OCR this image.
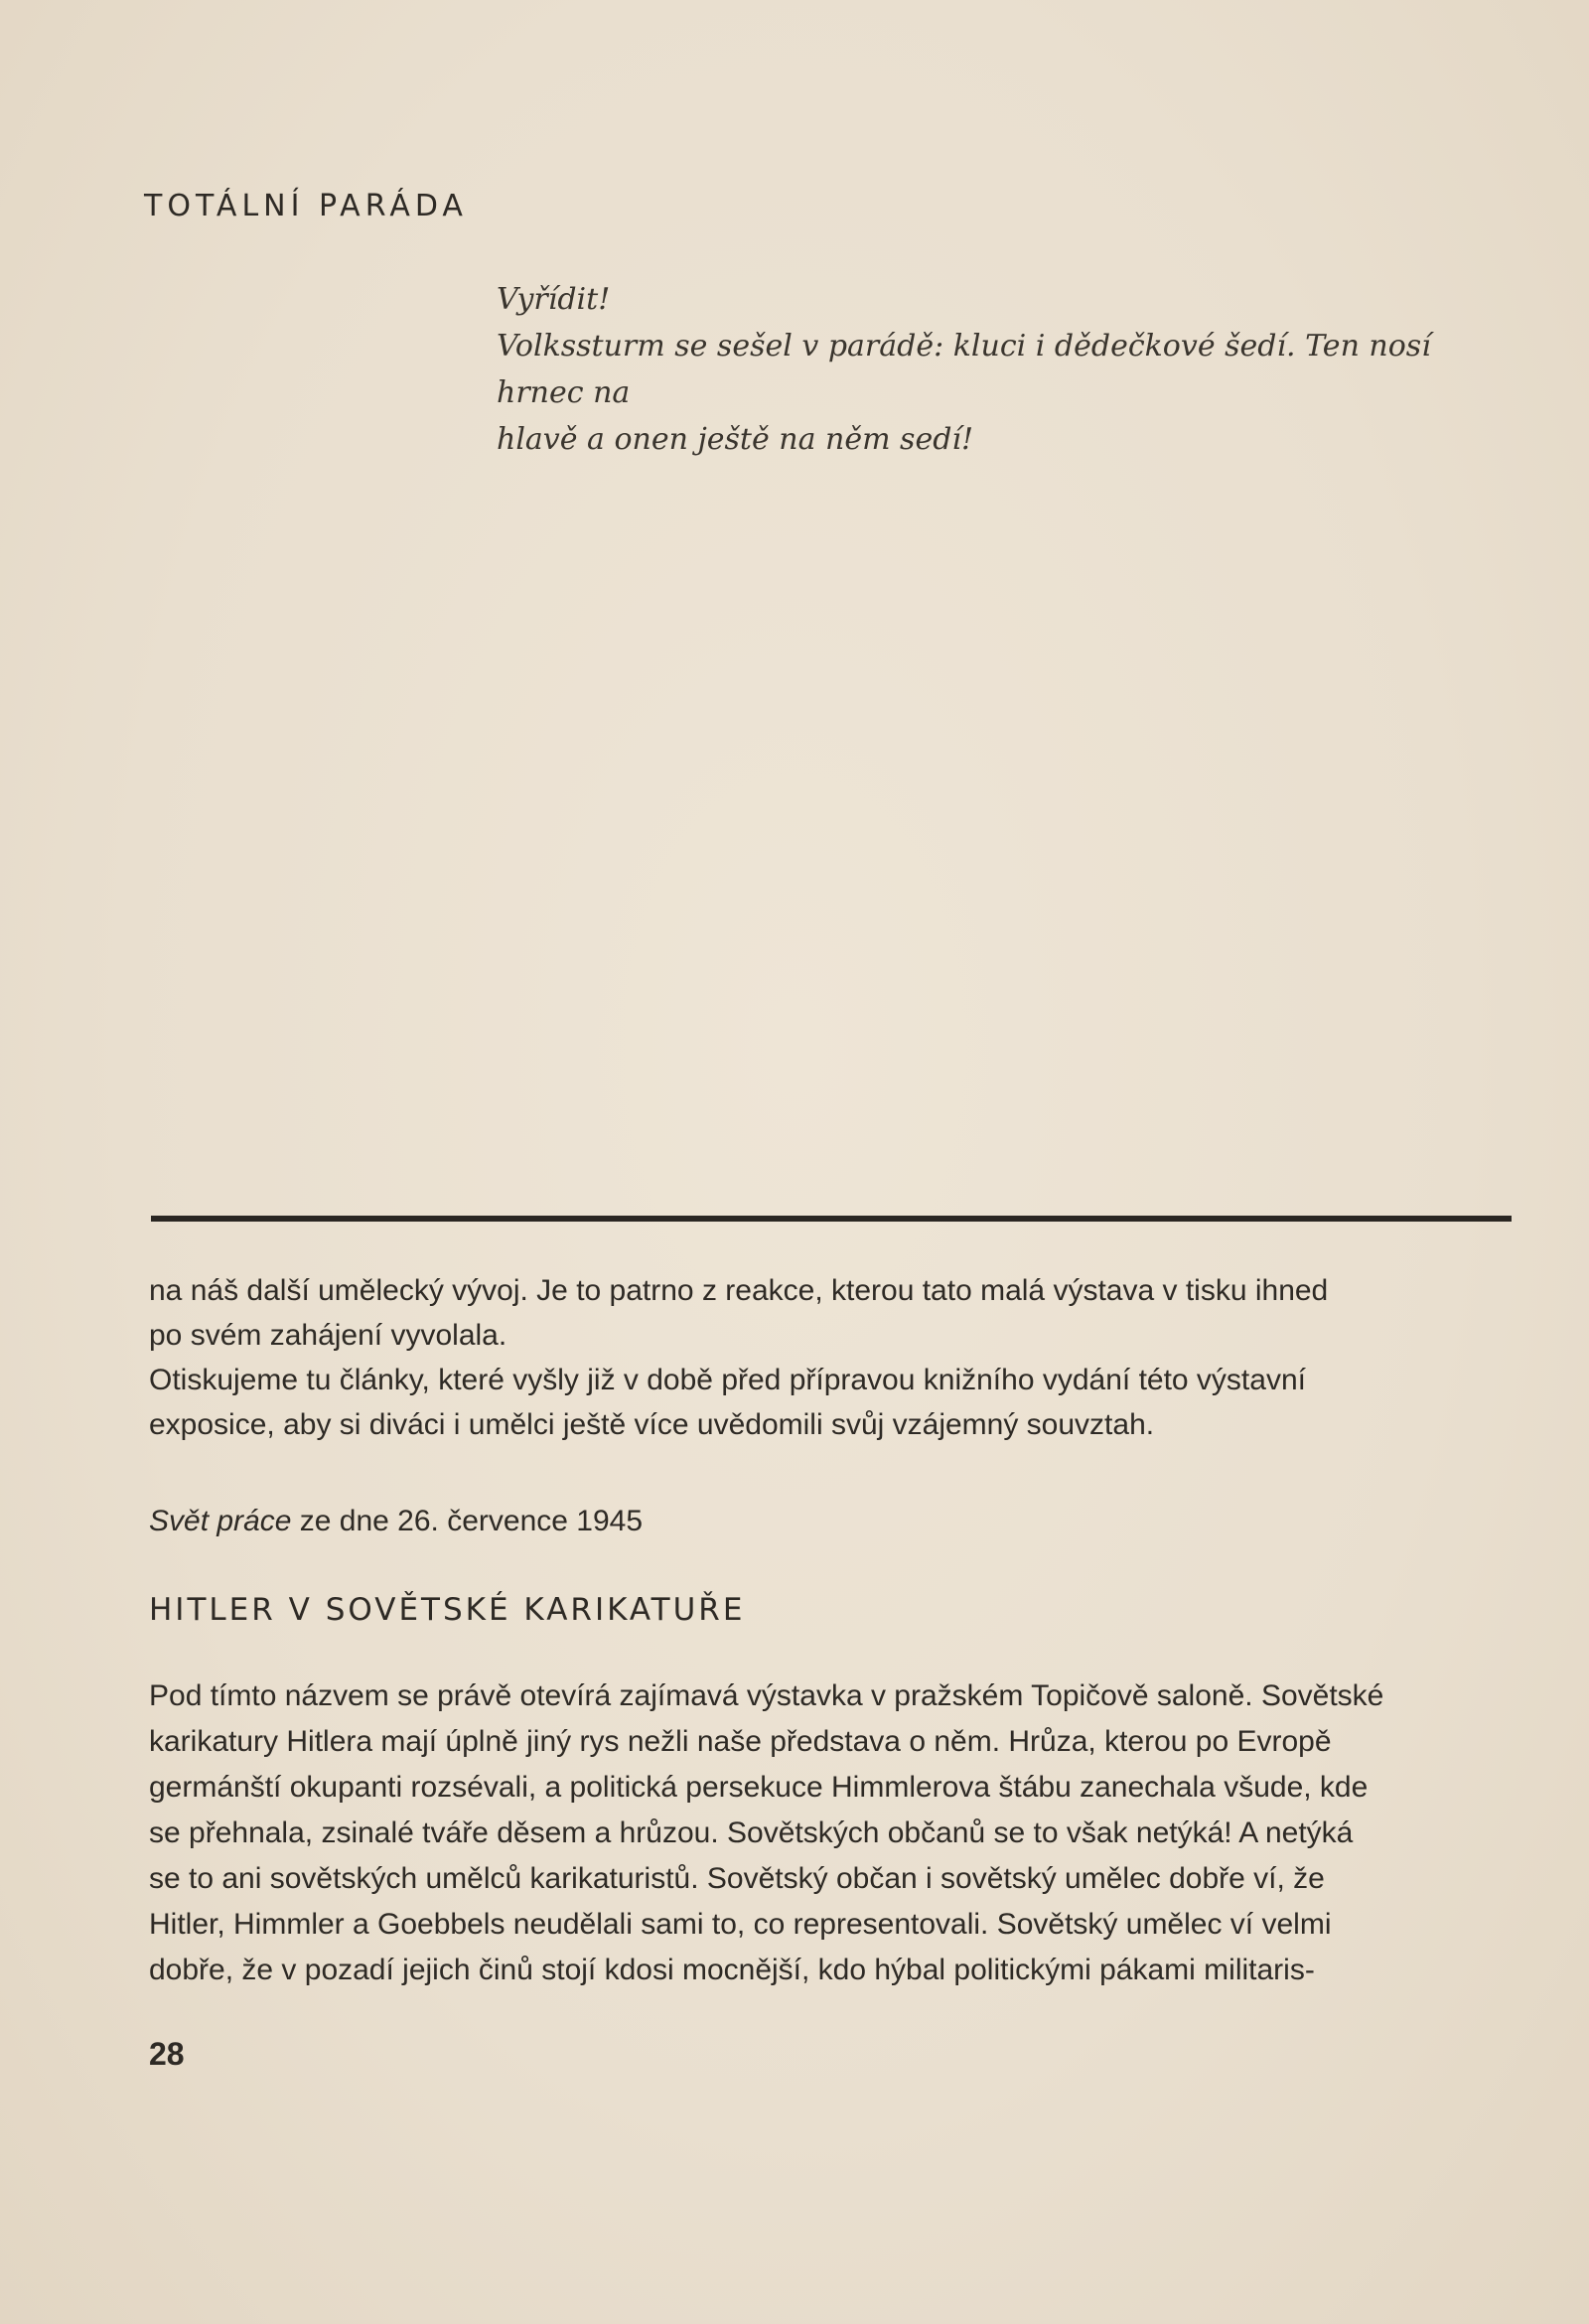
TOTÁLNÍ PARÁDA

Vyřídit!

Volkssturm se sešel v parádě: kluci i dědečkové šedí. Ten nosí hrnec na

hlavě a onen ještě na něm sedí!

na náš další umělecký vývoj. Je to patrno z reakce, kterou tato malá výstava v tisku ihned

po svém zahájení vyvolala.

Otiskujeme tu články, které vyšly již v době před přípravou knižního vydání této výstavní

exposice, aby si diváci i umělci ještě více uvědomili svůj vzájemný souvztah.

Svět práce ze dne 26. července 1945
HITLER V SOVĚTSKÉ KARIKATUŘE

Pod tímto názvem se právě otevírá zajímavá výstavka v pražském Topičově saloně. Sovětské

karikatury Hitlera mají úplně jiný rys nežli naše představa o něm. Hrůza, kterou po Evropě

germánští okupanti rozsévali, a politická persekuce Himmlerova štábu zanechala všude, kde

se přehnala, zsinalé tváře děsem a hrůzou. Sovětských občanů se to však netýká! A netýká

se to ani sovětských umělců karikaturistů. Sovětský občan i sovětský umělec dobře ví, že

Hitler, Himmler a Goebbels neudělali sami to, co representovali. Sovětský umělec ví velmi

dobře, že v pozadí jejich činů stojí kdosi mocnější, kdo hýbal politickými pákami militaris-

28
